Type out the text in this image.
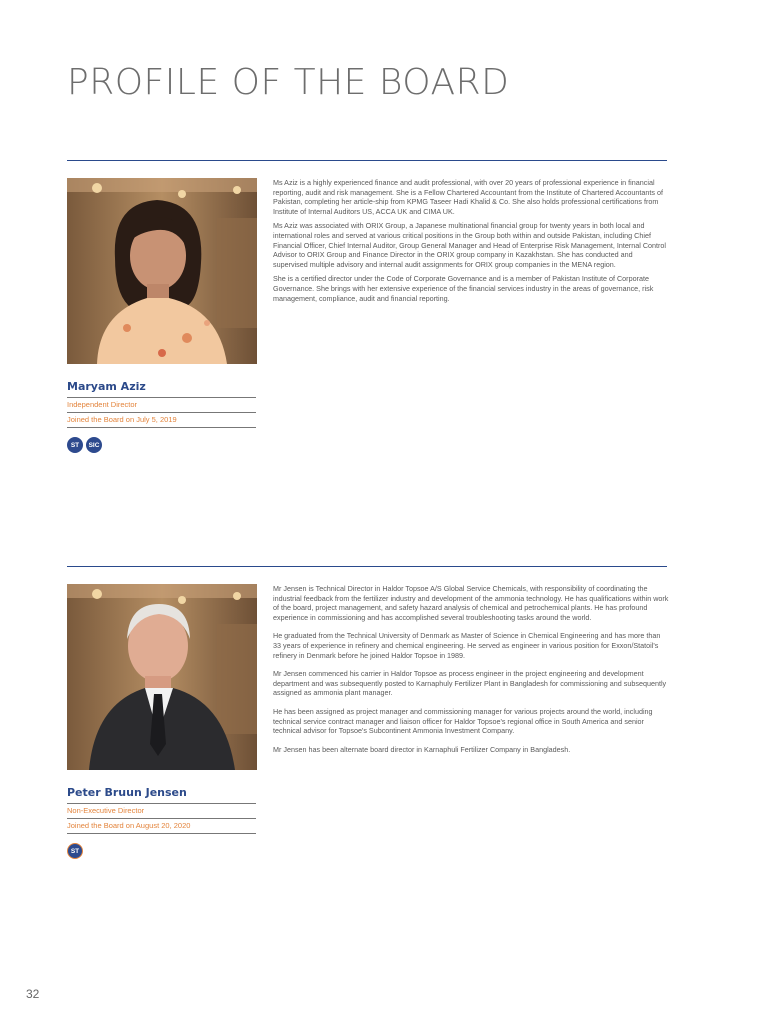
PROFILE OF THE BOARD
Maryam Aziz
Independent Director
Joined the Board on July 5, 2019
ST	SIC

Ms Aziz is a highly experienced finance and audit professional, with over 20 years of professional experience in financial reporting, audit and risk management. She is a Fellow Chartered Accountant from the Institute of Chartered Accountants of Pakistan, completing her article-ship from KPMG Taseer Hadi Khalid & Co. She also holds professional certifications from Institute of Internal Auditors US, ACCA UK and CIMA UK.

Ms Aziz was associated with ORIX Group, a Japanese multinational financial group for twenty years in both local and international roles and served at various critical positions in the Group both within and outside Pakistan, including Chief Financial Officer, Chief Internal Auditor, Group General Manager and Head of Enterprise Risk Management, Internal Control Advisor to ORIX Group and Finance Director in the ORIX group company in Kazakhstan. She has conducted and supervised multiple advisory and internal audit assignments for ORIX group companies in the MENA region.

She is a certified director under the Code of Corporate Governance and is a member of Pakistan Institute of Corporate Governance. She brings with her extensive experience of the financial services industry in the areas of governance, risk management, compliance, audit and financial reporting.

Peter Bruun Jensen
Non-Executive Director
Joined the Board on August 20, 2020
ST

Mr Jensen is Technical Director in Haldor Topsoe A/S Global Service Chemicals, with responsibility of coordinating the industrial feedback from the fertilizer industry and development of the ammonia technology. He has qualifications within work of the board, project management, and safety hazard analysis of chemical and petrochemical plants. He has profound experience in commissioning and has accomplished several troubleshooting tasks around the world.

He graduated from the Technical University of Denmark as Master of Science in Chemical Engineering and has more than 33 years of experience in refinery and chemical engineering. He served as engineer in various position for Exxon/Statoil's refinery in Denmark before he joined Haldor Topsoe in 1989.

Mr Jensen commenced his carrier in Haldor Topsoe as process engineer in the project engineering and development department and was subsequently posted to Karnaphuly Fertilizer Plant in Bangladesh for commissioning and subsequently assigned as ammonia plant manager.

He has been assigned as project manager and commissioning manager for various projects around the world, including technical service contract manager and liaison officer for Haldor Topsoe's regional office in South America and senior technical advisor for Topsoe's Subcontinent Ammonia Investment Company.

Mr Jensen has been alternate board director in Karnaphuli Fertilizer Company in Bangladesh.

32
